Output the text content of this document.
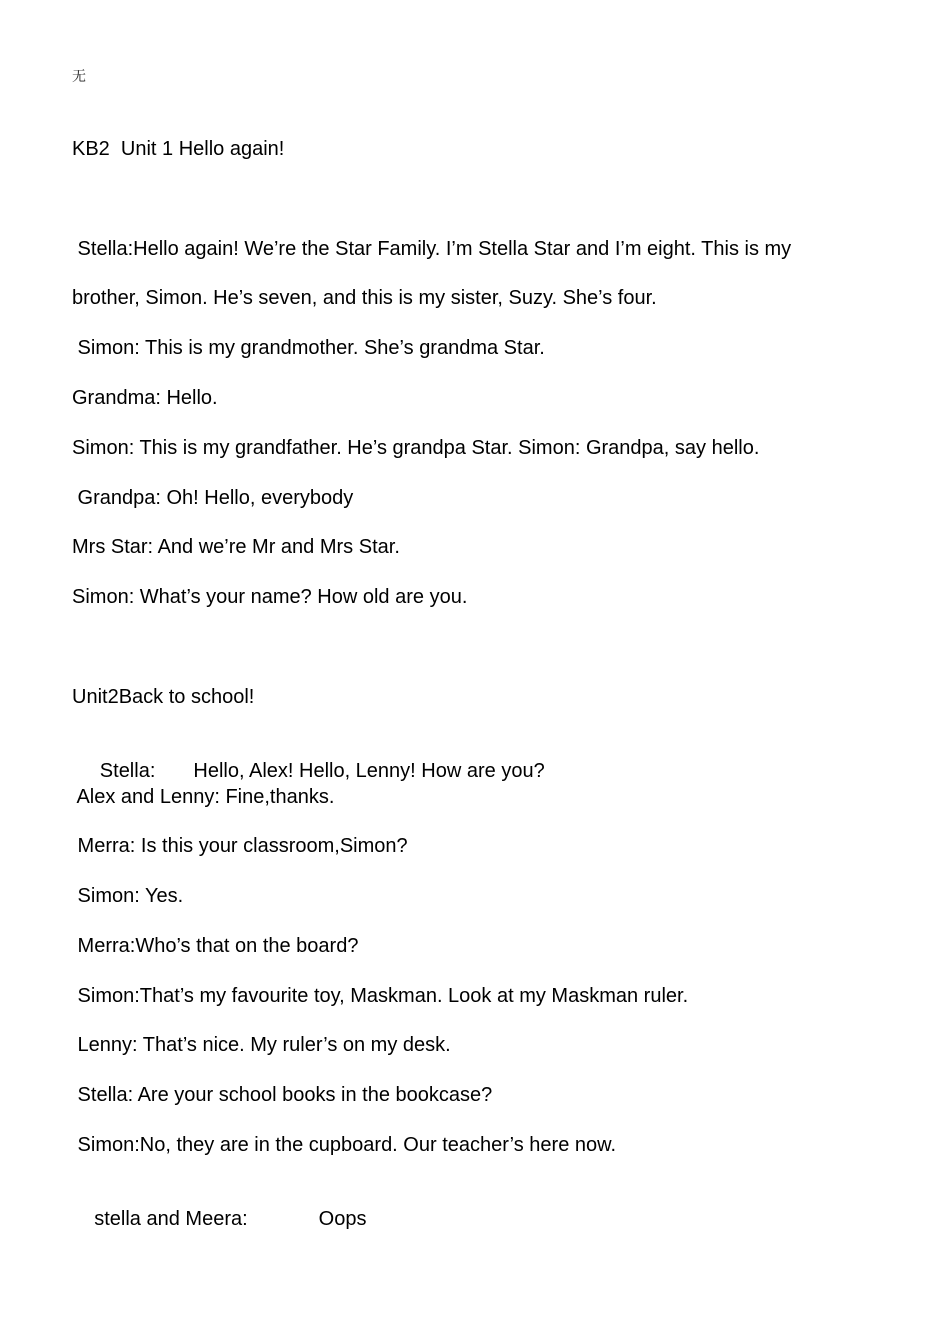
无
KB2  Unit 1 Hello again!
Stella:Hello again! We’re the Star Family. I’m Stella Star and I’m eight. This is my
brother, Simon. He’s seven, and this is my sister, Suzy. She’s four.
Simon: This is my grandmother. She’s grandma Star.
Grandma: Hello.
Simon: This is my grandfather. He’s grandpa Star. Simon: Grandpa, say hello.
Grandpa: Oh! Hello, everybody
Mrs Star: And we’re Mr and Mrs Star.
Simon: What’s your name? How old are you.
Unit2Back to school!

Stella: Hello, Alex! Hello, Lenny! How are you?

Alex and Lenny: Fine,thanks.
Merra: Is this your classroom,Simon?
Simon: Yes.
Merra:Who’s that on the board?
Simon:That’s my favourite toy, Maskman. Look at my Maskman ruler.
Lenny: That’s nice. My ruler’s on my desk.
Stella: Are your school books in the bookcase?
Simon:No, they are in the cupboard. Our teacher’s here now.

stella and Meera:	Oops
